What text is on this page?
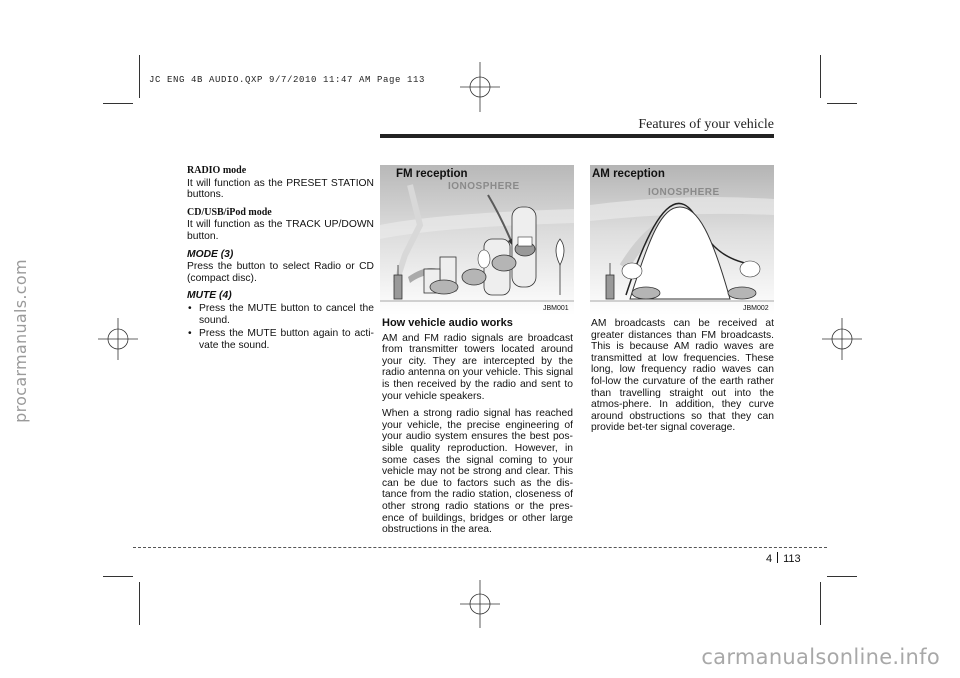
procarmanuals.com
carmanualsonline.info
JC ENG 4B AUDIO.QXP 9/7/2010 11:47 AM Page 113
Features of your vehicle
RADIO mode

It will function as the PRESET STATION buttons.

CD/USB/iPod mode

It will function as the TRACK UP/DOWN button.

MODE (3)

Press the button to select Radio or CD (compact disc).

MUTE (4)
• Press the MUTE button to cancel the sound.
• Press the MUTE button again to acti-vate the sound.
FM reception
IONOSPHERE
JBM001
AM reception
IONOSPHERE
JBM002
How vehicle audio works

AM and FM radio signals are broadcast from transmitter towers located around your city. They are intercepted by the radio antenna on your vehicle. This signal is then received by the radio and sent to your vehicle speakers.

When a strong radio signal has reached your vehicle, the precise engineering of your audio system ensures the best pos-sible quality reproduction. However, in some cases the signal coming to your vehicle may not be strong and clear. This can be due to factors such as the dis-tance from the radio station, closeness of other strong radio stations or the pres-ence of buildings, bridges or other large obstructions in the area.

AM broadcasts can be received at greater distances than FM broadcasts. This is because AM radio waves are transmitted at low frequencies. These long, low frequency radio waves can fol-low the curvature of the earth rather than travelling straight out into the atmos-phere. In addition, they curve around obstructions so that they can provide bet-ter signal coverage.

4 113
